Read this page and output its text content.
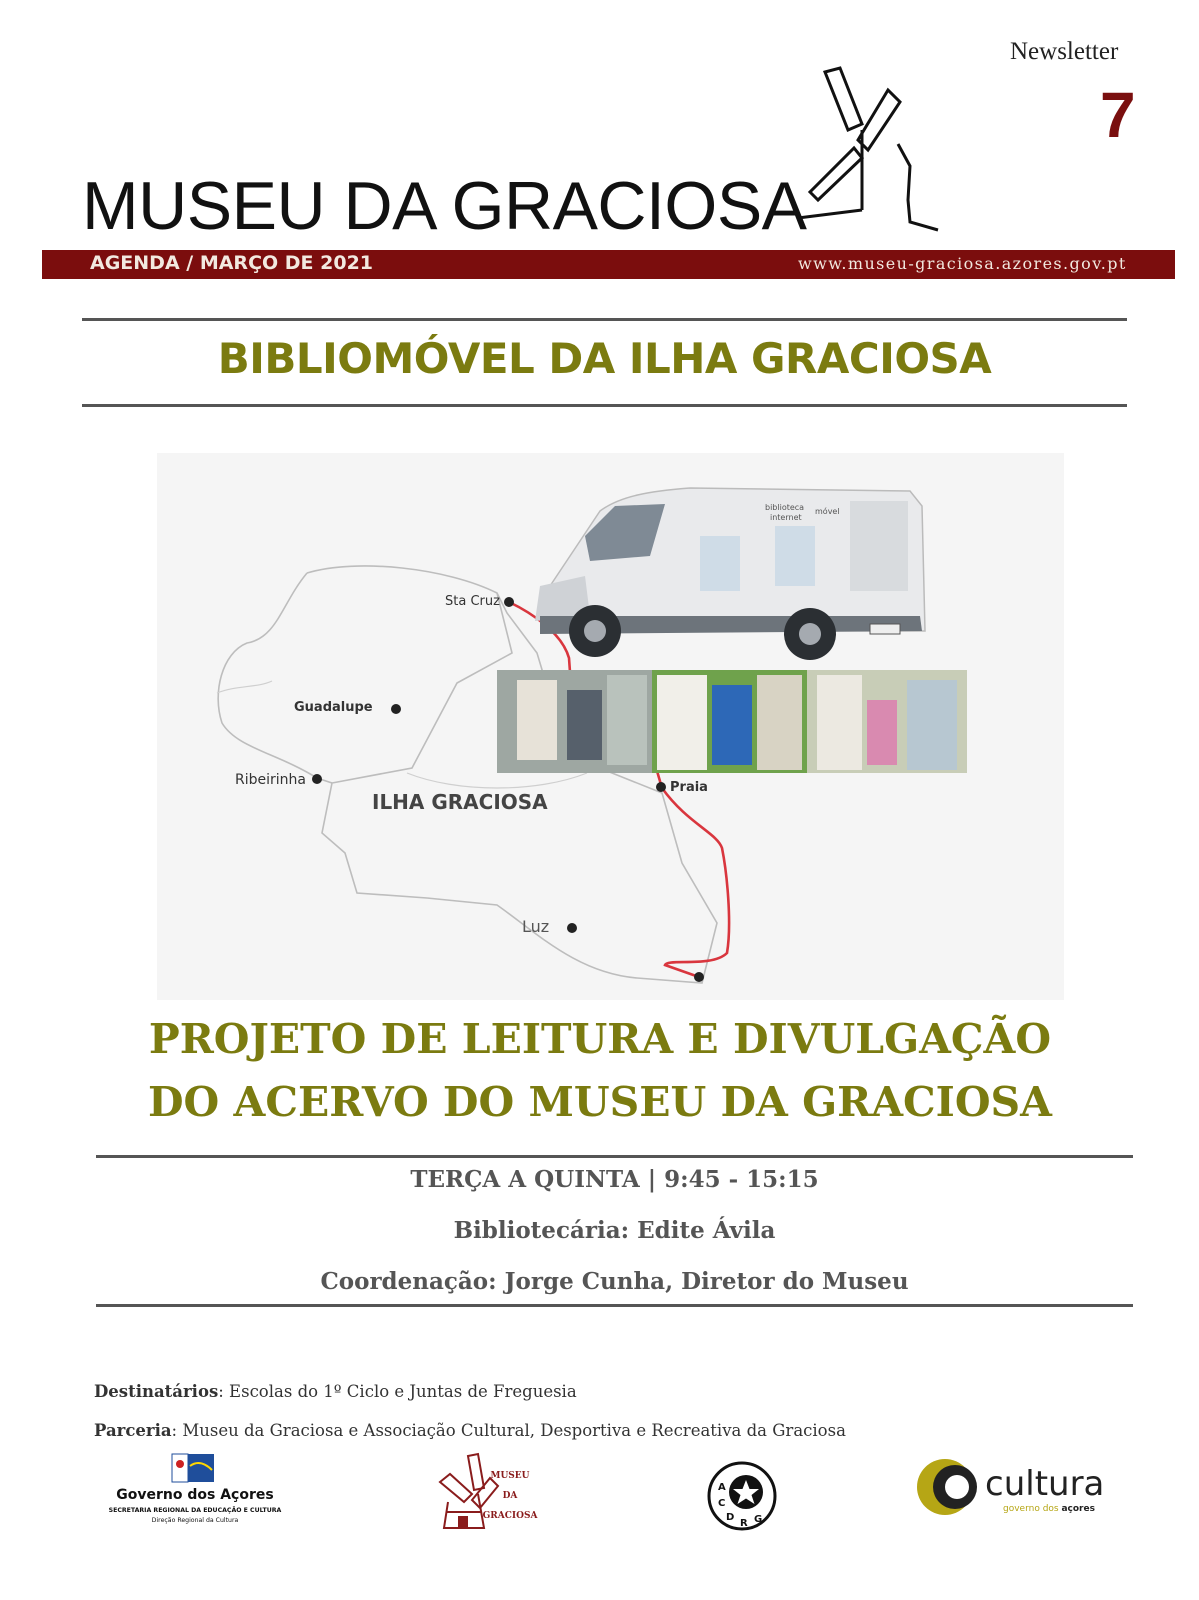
Newsletter
7
MUSEU DA GRACIOSA
AGENDA / MARÇO DE 2021	www.museu-graciosa.azores.gov.pt
BIBLIOMÓVEL DA ILHA GRACIOSA
Sta Cruz
Guadalupe
Ribeirinha	Praia
Luz
ILHA GRACIOSA
biblioteca
internet
móvel
PROJETO DE LEITURA E DIVULGAÇÃO
DO ACERVO DO MUSEU DA GRACIOSA
TERÇA A QUINTA | 9:45 - 15:15
Bibliotecária: Edite Ávila
Coordenação: Jorge Cunha, Diretor do Museu
Destinatários: Escolas do 1º Ciclo e Juntas de Freguesia
Parceria: Museu da Graciosa e Associação Cultural, Desportiva e Recreativa da Graciosa
Governo dos Açores
SECRETARIA REGIONAL DA EDUCAÇÃO E CULTURA
Direção Regional da Cultura
MUSEU
DA
GRACIOSA
A
C
D
R G
cultura
governo dos açores
